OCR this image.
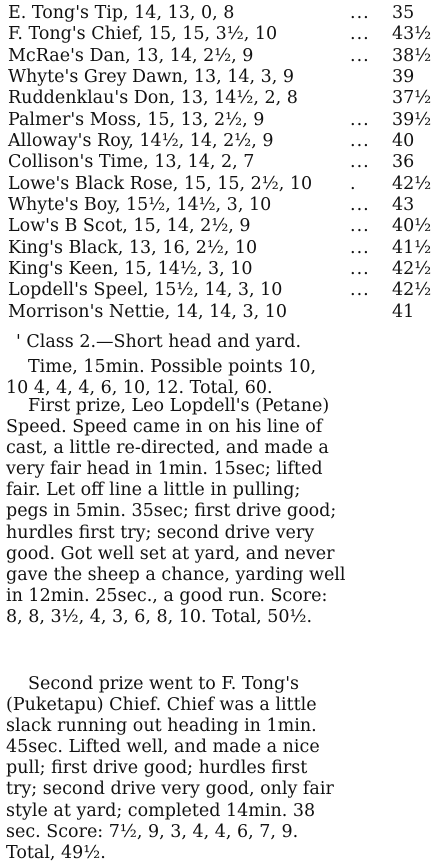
E. Tong's Tip, 14, 13, 0, 8	...	35
F. Tong's Chief, 15, 15, 3½, 10	...	43½
McRae's Dan, 13, 14, 2½, 9	...	38½
Whyte's Grey Dawn, 13, 14, 3, 9	39
Ruddenklau's Don, 13, 14½, 2, 8	37½
Palmer's Moss, 15, 13, 2½, 9	...	39½
Alloway's Roy, 14½, 14, 2½, 9	...	40
Collison's Time, 13, 14, 2, 7	...	36
Lowe's Black Rose, 15, 15, 2½, 10	.	42½
Whyte's Boy, 15½, 14½, 3, 10	...	43
Low's B Scot, 15, 14, 2½, 9	...	40½
King's Black, 13, 16, 2½, 10	...	41½
King's Keen, 15, 14½, 3, 10	...	42½
Lopdell's Speel, 15½, 14, 3, 10	...	42½
Morrison's Nettie, 14, 14, 3, 10	41
' Class 2.—Short head and yard.
Time, 15min. Possible points 10,
10 4, 4, 4, 6, 10, 12. Total, 60.
First prize, Leo Lopdell's (Petane)
Speed. Speed came in on his line of
cast, a little re-directed, and made a
very fair head in 1min. 15sec; lifted
fair. Let off line a little in pulling;
pegs in 5min. 35sec; first drive good;
hurdles first try; second drive very
good. Got well set at yard, and never
gave the sheep a chance, yarding well
in 12min. 25sec., a good run. Score:
8, 8, 3½, 4, 3, 6, 8, 10. Total, 50½.
Second prize went to F. Tong's
(Puketapu) Chief. Chief was a little
slack running out heading in 1min.
45sec. Lifted well, and made a nice
pull; first drive good; hurdles first
try; second drive very good, only fair
style at yard; completed 14min. 38
sec. Score: 7½, 9, 3, 4, 4, 6, 7, 9.
Total, 49½.
